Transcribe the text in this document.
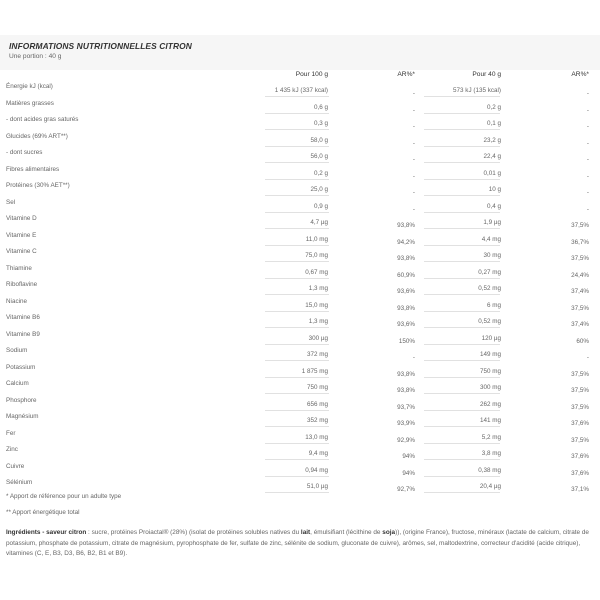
INFORMATIONS NUTRITIONNELLES CITRON
Une portion : 40 g
Pour 100 g	AR%*	Pour 40 g	AR%*
Énergie kJ (kcal)
1 435 kJ (337 kcal)	-	573 kJ (135 kcal)	-
Matières grasses
0,6 g	-	0,2 g	-
- dont acides gras saturés
0,3 g	-	0,1 g	-
Glucides (69% ART**)
58,0 g	-	23,2 g	-
- dont sucres
56,0 g	-	22,4 g	-
Fibres alimentaires
0,2 g	-	0,01 g	-
Protéines (30% AET**)
25,0 g	-	10 g	-
Sel
0,9 g	-	0,4 g	-
Vitamine D
4,7 µg	93,8%	1,9 µg	37,5%
Vitamine E
11,0 mg	94,2%	4,4 mg	36,7%
Vitamine C
75,0 mg	93,8%	30 mg	37,5%
Thiamine
0,67 mg	60,9%	0,27 mg	24,4%
Riboflavine
1,3 mg	93,6%	0,52 mg	37,4%
Niacine
15,0 mg	93,8%	6 mg	37,5%
Vitamine B6
1,3 mg	93,6%	0,52 mg	37,4%
Vitamine B9
300 µg	150%	120 µg	60%
Sodium
372 mg	-	149 mg	-
Potassium
1 875 mg	93,8%	750 mg	37,5%
Calcium
750 mg	93,8%	300 mg	37,5%
Phosphore
656 mg	93,7%	262 mg	37,5%
Magnésium
352 mg	93,9%	141 mg	37,6%
Fer
13,0 mg	92,9%	5,2 mg	37,5%
Zinc
9,4 mg	94%	3,8 mg	37,6%
Cuivre
0,94 mg	94%	0,38 mg	37,6%
Sélénium
51,0 µg	92,7%	20,4 µg	37,1%
* Apport de référence pour un adulte type
** Apport énergétique total
Ingrédients - saveur citron : sucre, protéines Proiactal® (28%) (isolat de protéines solubles natives du lait, émulsifiant (lécithine de soja)), (origine France), fructose, minéraux (lactate de calcium, citrate de potassium, phosphate de potassium, citrate de magnésium, pyrophosphate de fer, sulfate de zinc, sélénite de sodium, gluconate de cuivre), arômes, sel, maltodextrine, correcteur d'acidité (acide citrique), vitamines (C, E, B3, D3, B6, B2, B1 et B9).
